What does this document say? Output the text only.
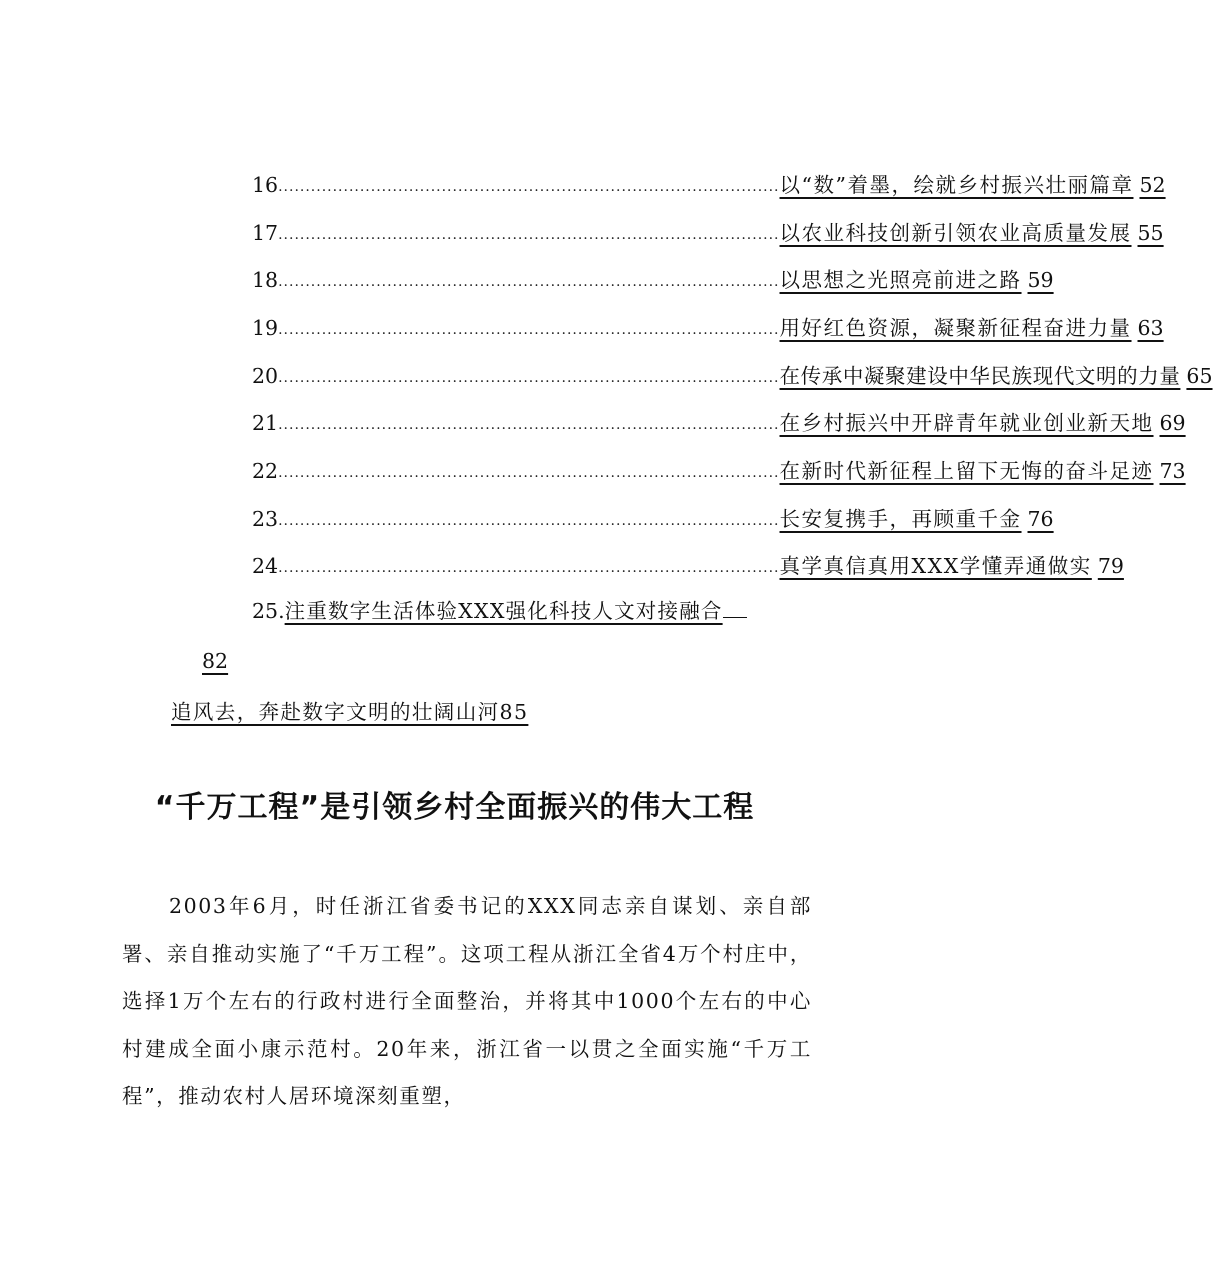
16 ............................................................................................ 以“数”着墨，绘就乡村振兴壮丽篇章 52
17 ............................................................................................ 以农业科技创新引领农业高质量发展 55
18 ............................................................................................ 以思想之光照亮前进之路 59
19 ............................................................................................ 用好红色资源，凝聚新征程奋进力量 63
20 ............................................................................................ 在传承中凝聚建设中华民族现代文明的力量 65
21 ............................................................................................ 在乡村振兴中开辟青年就业创业新天地 69
22 ............................................................................................ 在新时代新征程上留下无悔的奋斗足迹 73
23 ............................................................................................ 长安复携手，再顾重千金 76
24 ............................................................................................ 真学真信真用XXX学懂弄通做实 79
25.注重数字生活体验XXX强化科技人文对接融合
82
追风去，奔赴数字文明的壮阔山河85
“千万工程”是引领乡村全面振兴的伟大工程

2003年6月，时任浙江省委书记的XXX同志亲自谋划、亲自部署、亲自推动实施了“千万工程”。这项工程从浙江全省4万个村庄中，选择1万个左右的行政村进行全面整治，并将其中1000个左右的中心村建成全面小康示范村。20年来，浙江省一以贯之全面实施“千万工程”，推动农村人居环境深刻重塑，
